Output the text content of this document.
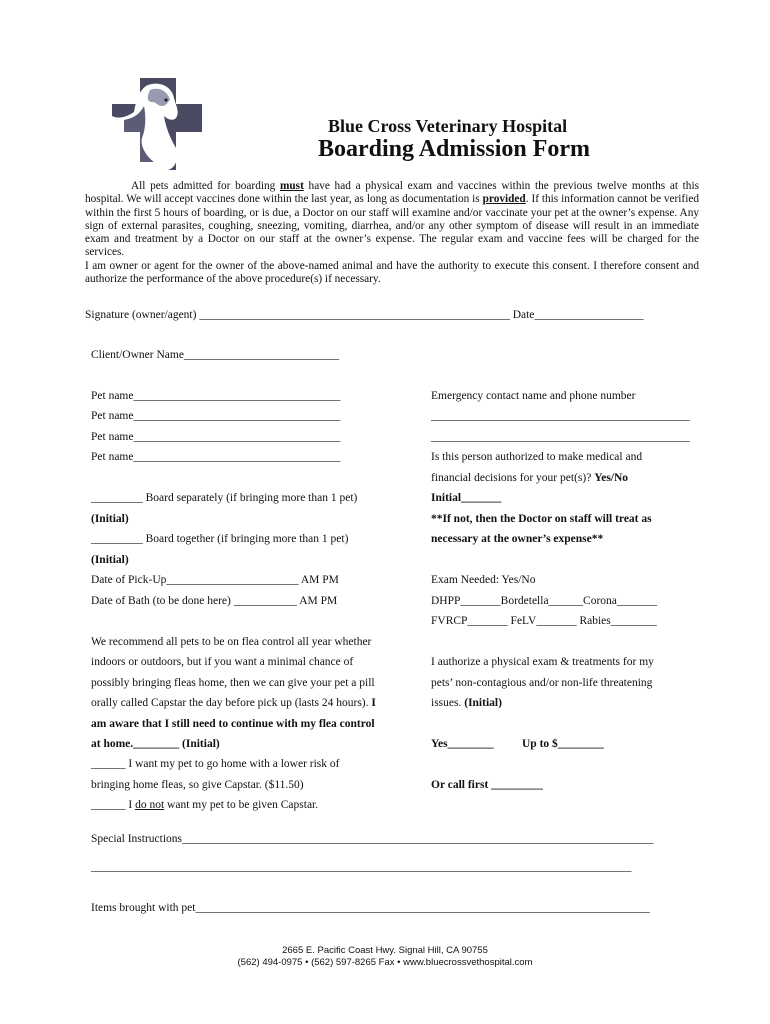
Blue Cross Veterinary Hospital
Boarding Admission Form

All pets admitted for boarding must have had a physical exam and vaccines within the previous twelve months at this hospital. We will accept vaccines done within the last year, as long as documentation is provided. If this information cannot be verified within the first 5 hours of boarding, or is due, a Doctor on our staff will examine and/or vaccinate your pet at the owner’s expense. Any sign of external parasites, coughing, sneezing, vomiting, diarrhea, and/or any other symptom of disease will result in an immediate exam and treatment by a Doctor on our staff at the owner’s expense. The regular exam and vaccine fees will be charged for the services.

I am owner or agent for the owner of the above-named animal and have the authority to execute this consent. I therefore consent and authorize the performance of the above procedure(s) if necessary.

Signature (owner/agent) ______________________________________________________ Date___________________
Client/Owner Name___________________________
Pet name____________________________________
Pet name____________________________________
Pet name____________________________________
Pet name____________________________________
_________ Board separately (if bringing more than 1 pet)
(Initial)
_________ Board together (if bringing more than 1 pet)
(Initial)
Date of Pick-Up_______________________ AM PM
Date of Bath (to be done here) ___________ AM PM
We recommend all pets to be on flea control all year whether
indoors or outdoors, but if you want a minimal chance of
possibly bringing fleas home, then we can give your pet a pill
orally called Capstar the day before pick up (lasts 24 hours). I
am aware that I still need to continue with my flea control
at home.________ (Initial)
______ I want my pet to go home with a lower risk of
bringing home fleas, so give Capstar. ($11.50)
______ I do not want my pet to be given Capstar.
Emergency contact name and phone number
_____________________________________________
_____________________________________________
Is this person authorized to make medical and
financial decisions for your pet(s)? Yes/No
Initial_______
**If not, then the Doctor on staff will treat as
necessary at the owner’s expense**
Exam Needed: Yes/No
DHPP_______Bordetella______Corona_______
FVRCP_______ FeLV_______ Rabies________
I authorize a physical exam & treatments for my
pets’ non-contagious and/or non-life threatening
issues. (Initial)
Yes________ Up to $________
Or call first _________
Special Instructions__________________________________________________________________________________
______________________________________________________________________________________________
Items brought with pet_______________________________________________________________________________
2665 E. Pacific Coast Hwy. Signal Hill, CA 90755
(562) 494-0975 • (562) 597-8265 Fax • www.bluecrossvethospital.com
